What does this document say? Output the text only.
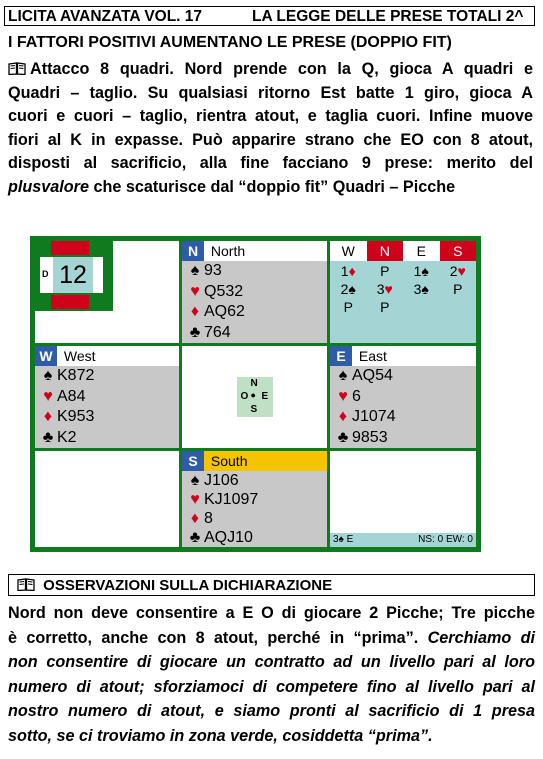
LICITA AVANZATA VOL. 17	LA LEGGE DELLE PRESE TOTALI 2^
I FATTORI POSITIVI AUMENTANO LE PRESE (DOPPIO FIT)
Attacco 8 quadri. Nord prende con la Q, gioca A quadri e
Quadri – taglio. Su qualsiasi ritorno Est batte 1 giro, gioca A
cuori e cuori – taglio, rientra atout, e taglia cuori. Infine muove
fiori al K in expasse. Può apparire strano che EO con 8 atout,
disposti al sacrificio, alla fine facciano 9 prese: merito del
plusvalore che scaturisce dal “doppio fit” Quadri – Picche
D 12
N North
♠ 93
♥ Q532
♦ AQ62
♣ 764
W	N	E	S
1♦	P	1♠	2♥
2♠	3♥	3♠	P
P	P
W West
♠ K872
♥ A84
♦ K953
♣ K2
N
O ● E
S
E East
♠ AQ54
♥ 6
♦ J1074
♣ 9853
S South
♠ J106
♥ KJ1097
♦ 8
♣ AQJ10	3♠ E	NS: 0 EW: 0
OSSERVAZIONI SULLA DICHIARAZIONE
Nord non deve consentire a E O di giocare 2 Picche; Tre picche
è corretto, anche con 8 atout, perché in “prima”. Cerchiamo di
non consentire di giocare un contratto ad un livello pari al loro
numero di atout; sforziamoci di competere fino al livello pari al
nostro numero di atout, e siamo pronti al sacrificio di 1 presa
sotto, se ci troviamo in zona verde, cosiddetta “prima”.
